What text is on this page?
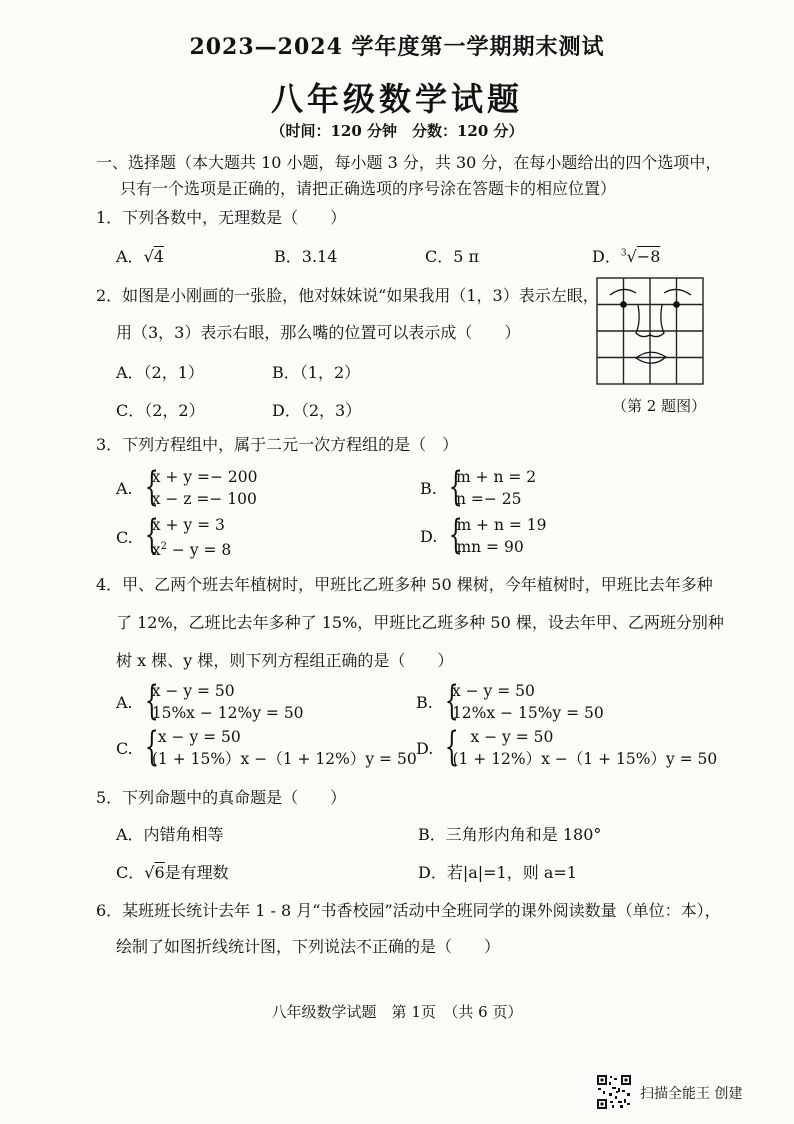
2023—2024 学年度第一学期期末测试
八年级数学试题
（时间：120 分钟　分数：120 分）
一、选择题（本大题共 10 小题，每小题 3 分，共 30 分，在每小题给出的四个选项中，
只有一个选项是正确的，请把正确选项的序号涂在答题卡的相应位置）
1．下列各数中，无理数是（　　）
A．√4	B．3.14	C．5 π	D．$^3$√−8
2．如图是小刚画的一张脸，他对妹妹说“如果我用（1，3）表示左眼，
用（3，3）表示右眼，那么嘴的位置可以表示成（　　）
A．（2，1）	B．（1，2）
C．（2，2）	D．（2，3）	（第 2 题图）
3．下列方程组中，属于二元一次方程组的是（　）
A.
{ x + y =− 200
x − z =− 100
B.
{ m + n = 2
n =− 25
C.
{ x + y = 3
$x^2 - y = 8$
D.
{ m + n = 19
mn = 90
4．甲、乙两个班去年植树时，甲班比乙班多种 50 棵树，今年植树时，甲班比去年多种
了 12%，乙班比去年多种了 15%，甲班比乙班多种 50 棵，设去年甲、乙两班分别种
树 x 棵、y 棵，则下列方程组正确的是（　　）
A.
{ x − y = 50
15%x − 12%y = 50
B.
{ x − y = 50
12%x − 15%y = 50
C.
{ x − y = 50
(1 + 15%）x −（1 + 12%）y = 50
D.
{ x − y = 50
(1 + 12%）x −（1 + 15%）y = 50
5．下列命题中的真命题是（　　）
A．内错角相等	B．三角形内角和是 180°
C．√6是有理数	D．若|a|=1，则 a=1
6．某班班长统计去年 1 - 8 月“书香校园”活动中全班同学的课外阅读数量（单位：本），
绘制了如图折线统计图，下列说法不正确的是（　　）
八年级数学试题　第 1页　（共 6 页）
扫描全能王 创建
